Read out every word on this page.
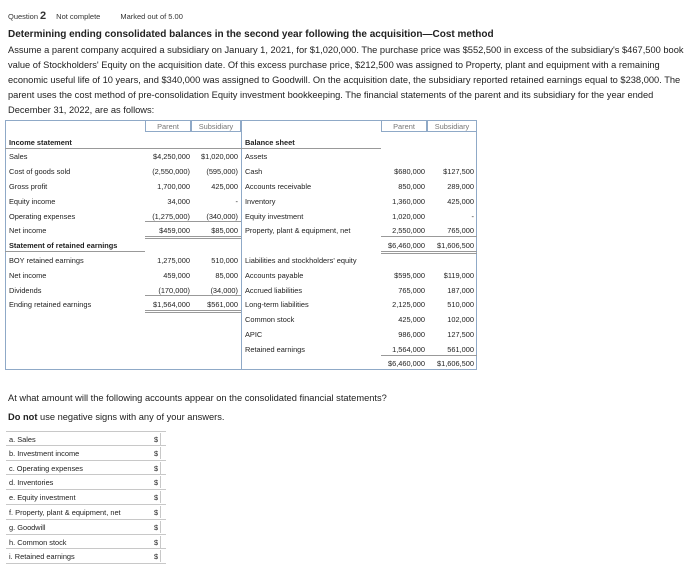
Question 2 Not complete	Marked out of 5.00
Determining ending consolidated balances in the second year following the acquisition—Cost method
Assume a parent company acquired a subsidiary on January 1, 2021, for $1,020,000. The purchase price was $552,500 in excess of the subsidiary's $467,500 book value of Stockholders' Equity on the acquisition date. Of this excess purchase price, $212,500 was assigned to Property, plant and equipment with a remaining economic useful life of 10 years, and $340,000 was assigned to Goodwill. On the acquisition date, the subsidiary reported retained earnings equal to $238,000. The parent uses the cost method of pre-consolidation Equity investment bookkeeping. The financial statements of the parent and its subsidiary for the year ended December 31, 2022, are as follows:
Parent	Subsidiary	Parent	Subsidiary
Income statement
Sales	$4,250,000	$1,020,000
Cost of goods sold	(2,550,000)	(595,000)
Gross profit	1,700,000	425,000
Equity income	34,000	-
Operating expenses	(1,275,000)	(340,000)
Net income	$459,000	$85,000
Statement of retained earnings
BOY retained earnings	1,275,000	510,000
Net income	459,000	85,000
Dividends	(170,000)	(34,000)
Ending retained earnings	$1,564,000	$561,000
Balance sheet
Assets
Cash	$680,000	$127,500
Accounts receivable	850,000	289,000
Inventory	1,360,000	425,000
Equity investment	1,020,000	-
Property, plant & equipment, net	2,550,000	765,000
$6,460,000	$1,606,500
Liabilities and stockholders' equity
Accounts payable	$595,000	$119,000
Accrued liabilities	765,000	187,000
Long-term liabilities	2,125,000	510,000
Common stock	425,000	102,000
APIC	986,000	127,500
Retained earnings	1,564,000	561,000
$6,460,000	$1,606,500
At what amount will the following accounts appear on the consolidated financial statements?
Do not use negative signs with any of your answers.
a. Sales	$
b. Investment income	$
c. Operating expenses	$
d. Inventories	$
e. Equity investment	$
f. Property, plant & equipment, net	$
g. Goodwill	$
h. Common stock	$
i. Retained earnings	$
